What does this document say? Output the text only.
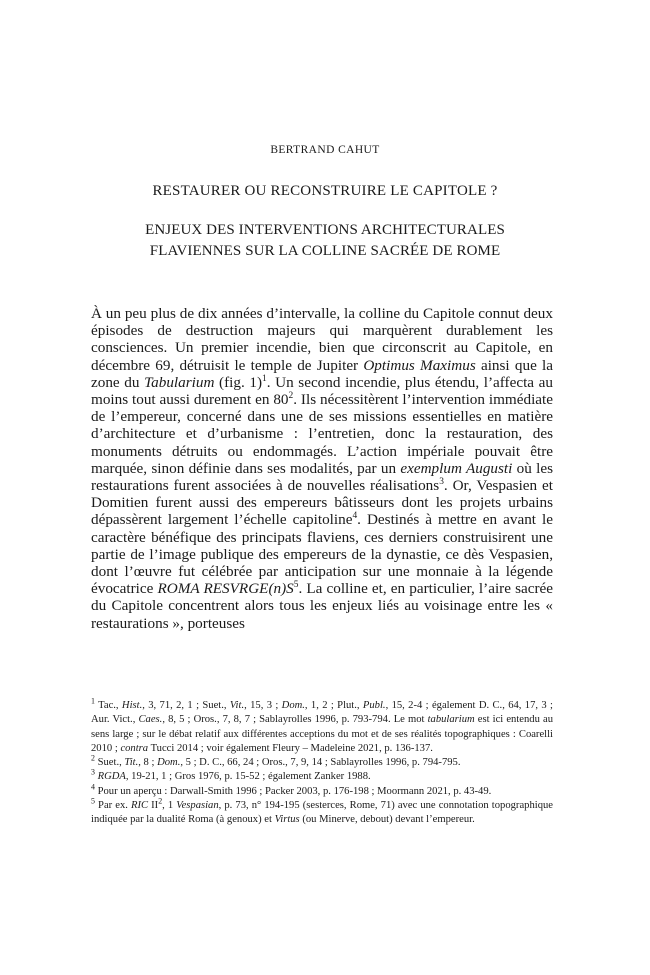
BERTRAND CAHUT
RESTAURER OU RECONSTRUIRE LE CAPITOLE ?
ENJEUX DES INTERVENTIONS ARCHITECTURALES
FLAVIENNES SUR LA COLLINE SACRÉE DE ROME

À un peu plus de dix années d’intervalle, la colline du Capitole connut deux épisodes de destruction majeurs qui marquèrent durablement les consciences. Un premier incendie, bien que circonscrit au Capitole, en décembre 69, détruisit le temple de Jupiter Optimus Maximus ainsi que la zone du Tabularium (fig. 1)$^1$. Un second incendie, plus étendu, l’affecta au moins tout aussi durement en $80^2$. Ils nécessitèrent l’intervention immédiate de l’empereur, concerné dans une de ses missions essentielles en matière d’architecture et d’urbanisme : l’entretien, donc la restauration, des monuments détruits ou endommagés. L’action impériale pouvait être marquée, sinon définie dans ses modalités, par un exemplum Augusti où les restaurations furent associées à de nouvelles réalisations$^3$. Or, Vespasien et Domitien furent aussi des empereurs bâtisseurs dont les projets urbains dépassèrent largement l’échelle capitoline$^4$. Destinés à mettre en avant le caractère bénéfique des principats flaviens, ces derniers construisirent une partie de l’image publique des empereurs de la dynastie, ce dès Vespasien, dont l’œuvre fut célébrée par anticipation sur une monnaie à la légende évocatrice ROMA $RESVRGE(n)S^5$. La colline et, en particulier, l’aire sacrée du Capitole concentrent alors tous les enjeux liés au voisinage entre les « restaurations », porteuses

$^1$ Tac., Hist., 3, 71, 2, 1 ; Suet., Vit., 15, 3 ; Dom., 1, 2 ; Plut., Publ., 15, 2-4 ; également D. C., 64, 17, 3 ; Aur. Vict., Caes., 8, 5 ; Oros., 7, 8, 7 ; Sablayrolles 1996, p. 793-794. Le mot tabularium est ici entendu au sens large ; sur le débat relatif aux différentes acceptions du mot et de ses réalités topographiques : Coarelli 2010 ; contra Tucci 2014 ; voir également Fleury – Madeleine 2021, p. 136-137.

$^2$ Suet., Tit., 8 ; Dom., 5 ; D. C., 66, 24 ; Oros., 7, 9, 14 ; Sablayrolles 1996, p. 794-795.

$^3$ RGDA, 19-21, 1 ; Gros 1976, p. 15-52 ; également Zanker 1988.

$^4$ Pour un aperçu : Darwall-Smith 1996 ; Packer 2003, p. 176-198 ; Moormann 2021, p. 43-49.

$^5$ Par ex. RIC $II^2$, 1 Vespasian, p. 73, n° 194-195 (sesterces, Rome, 71) avec une connotation topographique indiquée par la dualité Roma (à genoux) et Virtus (ou Minerve, debout) devant l’empereur.
